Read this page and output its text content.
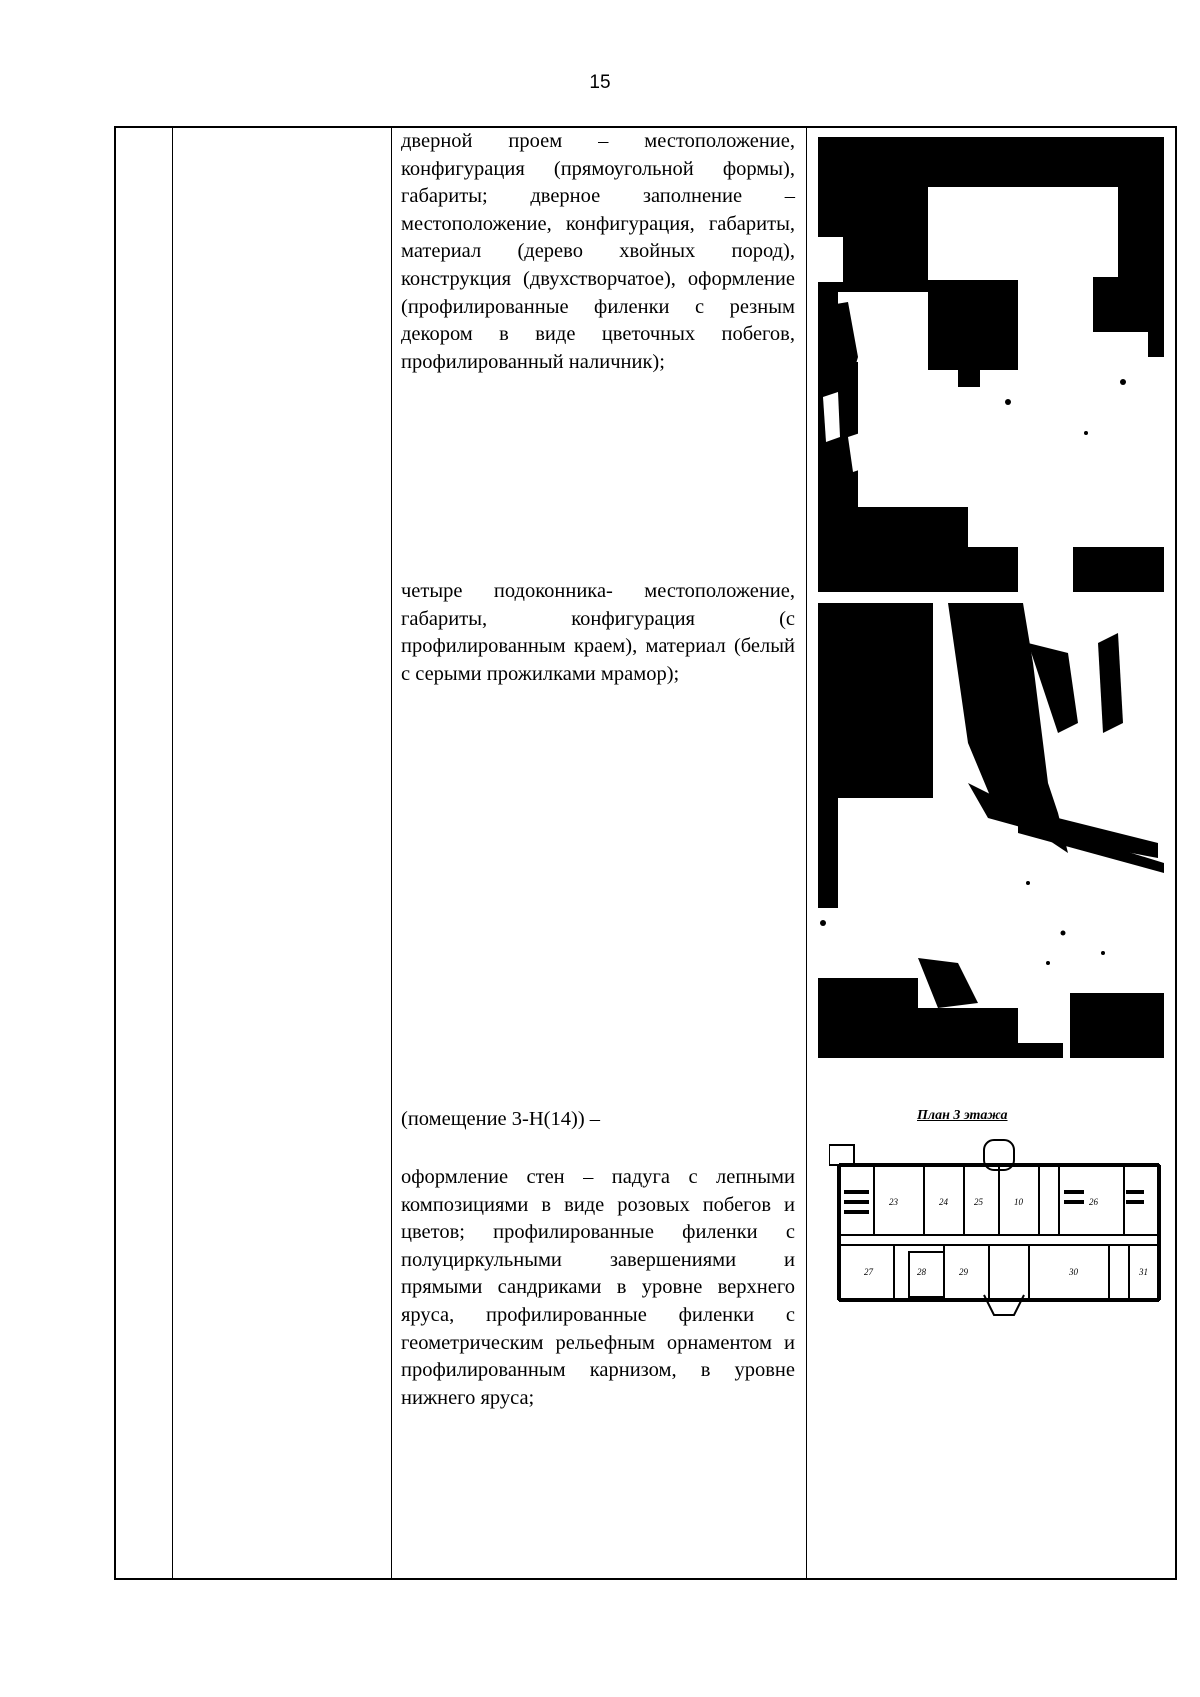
15

дверной проем – местоположение, конфигурация (прямоугольной формы), габариты; дверное заполнение – местоположение, конфигурация, габариты, материал (дерево хвойных пород), конструкция (двухстворчатое), оформление (профилированные филенки с резным декором в виде цветочных побегов, профилированный наличник);

четыре подоконника- местоположение, габариты, конфигурация (с профилированным краем), материал (белый с серыми прожилками мрамор);

(помещение 3-Н(14)) –

оформление стен – падуга с лепными композициями в виде розовых побегов и цветов; профилированные филенки с полуциркульными завершениями и прямыми сандриками в уровне верхнего яруса, профилированные филенки с геометрическим рельефным орнаментом и профилированным карнизом, в уровне нижнего яруса;

План 3 этажа
23	24	25	10	26
27	28	29	30	31
